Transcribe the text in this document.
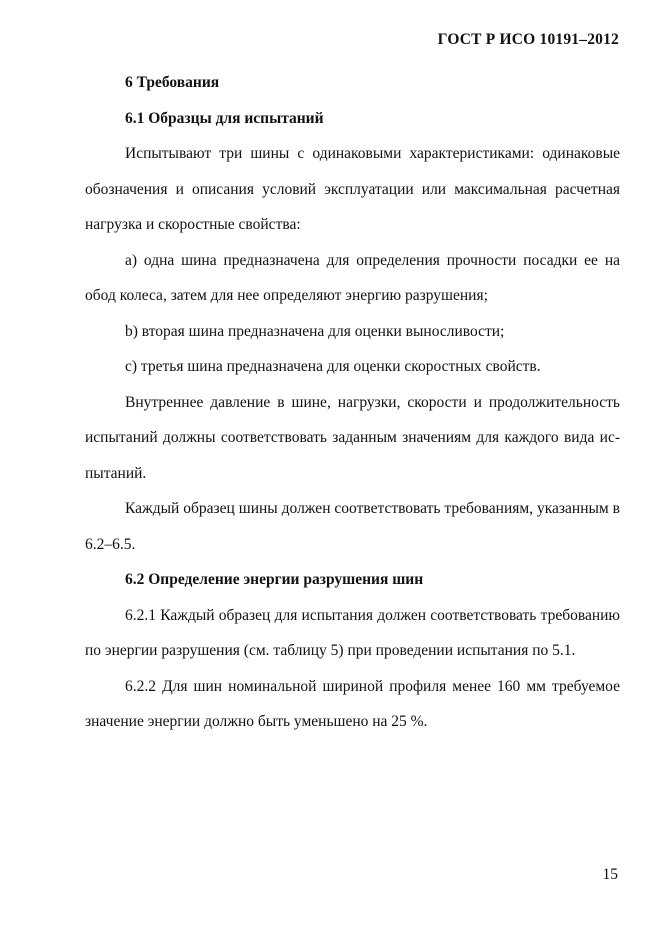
ГОСТ Р ИСО 10191–2012

6 Требования

6.1 Образцы для испытаний

Испытывают три шины с одинаковыми характеристиками: одинаковые обозначения и описания условий эксплуатации или максимальная расчетная нагрузка и скоростные свойства:

a) одна шина предназначена для определения прочности посадки ее на обод колеса, затем для нее определяют энергию разрушения;

b) вторая шина предназначена для оценки выносливости;

c) третья шина предназначена для оценки скоростных свойств.

Внутреннее давление в шине, нагрузки, скорости и продолжительность испытаний должны соответствовать заданным значениям для каждого вида ис-пытаний.

Каждый образец шины должен соответствовать требованиям, указанным в 6.2–6.5.

6.2 Определение энергии разрушения шин

6.2.1 Каждый образец для испытания должен соответствовать требованию по энергии разрушения (см. таблицу 5) при проведении испытания по 5.1.

6.2.2 Для шин номинальной шириной профиля менее 160 мм требуемое значение энергии должно быть уменьшено на 25 %.

15
